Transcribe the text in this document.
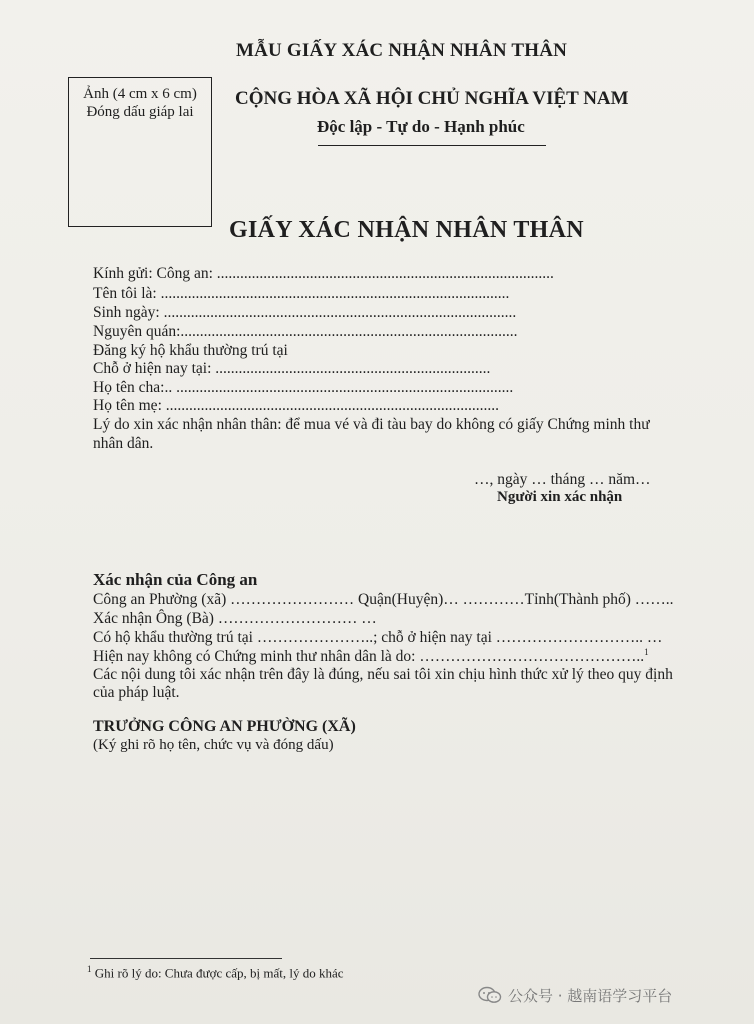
MẪU GIẤY XÁC NHẬN NHÂN THÂN
Ảnh (4 cm x 6 cm)
Đóng dấu giáp lai
CỘNG HÒA XÃ HỘI CHỦ NGHĨA VIỆT NAM
Độc lập - Tự do - Hạnh phúc
GIẤY XÁC NHẬN NHÂN THÂN
Kính gửi: Công an: .......................................................................................
Tên tôi là: ..........................................................................................
Sinh ngày: ...........................................................................................
Nguyên quán:.......................................................................................
Đăng ký hộ khẩu thường trú tại
Chỗ ở hiện nay tại: .......................................................................
Họ tên cha:.. .......................................................................................
Họ tên mẹ: ......................................................................................
Lý do xin xác nhận nhân thân: để mua vé và đi tàu bay do không có giấy Chứng minh thư
nhân dân.
…, ngày … tháng … năm…
Người xin xác nhận
Xác nhận của Công an
Công an Phường (xã) …………………… Quận(Huyện)… …………Tỉnh(Thành phố) ……..
Xác nhận Ông (Bà) ……………………… …
Có hộ khẩu thường trú tại …………………..; chỗ ở hiện nay tại ……………………….. …
Hiện nay không có Chứng minh thư nhân dân là do: ……………………………………..$^1$
Các nội dung tôi xác nhận trên đây là đúng, nếu sai tôi xin chịu hình thức xử lý theo quy định
của pháp luật.
TRƯỞNG CÔNG AN PHƯỜNG (XÃ)
(Ký ghi rõ họ tên, chức vụ và đóng dấu)
$^1$ Ghi rõ lý do: Chưa được cấp, bị mất, lý do khác
公众号 · 越南语学习平台
